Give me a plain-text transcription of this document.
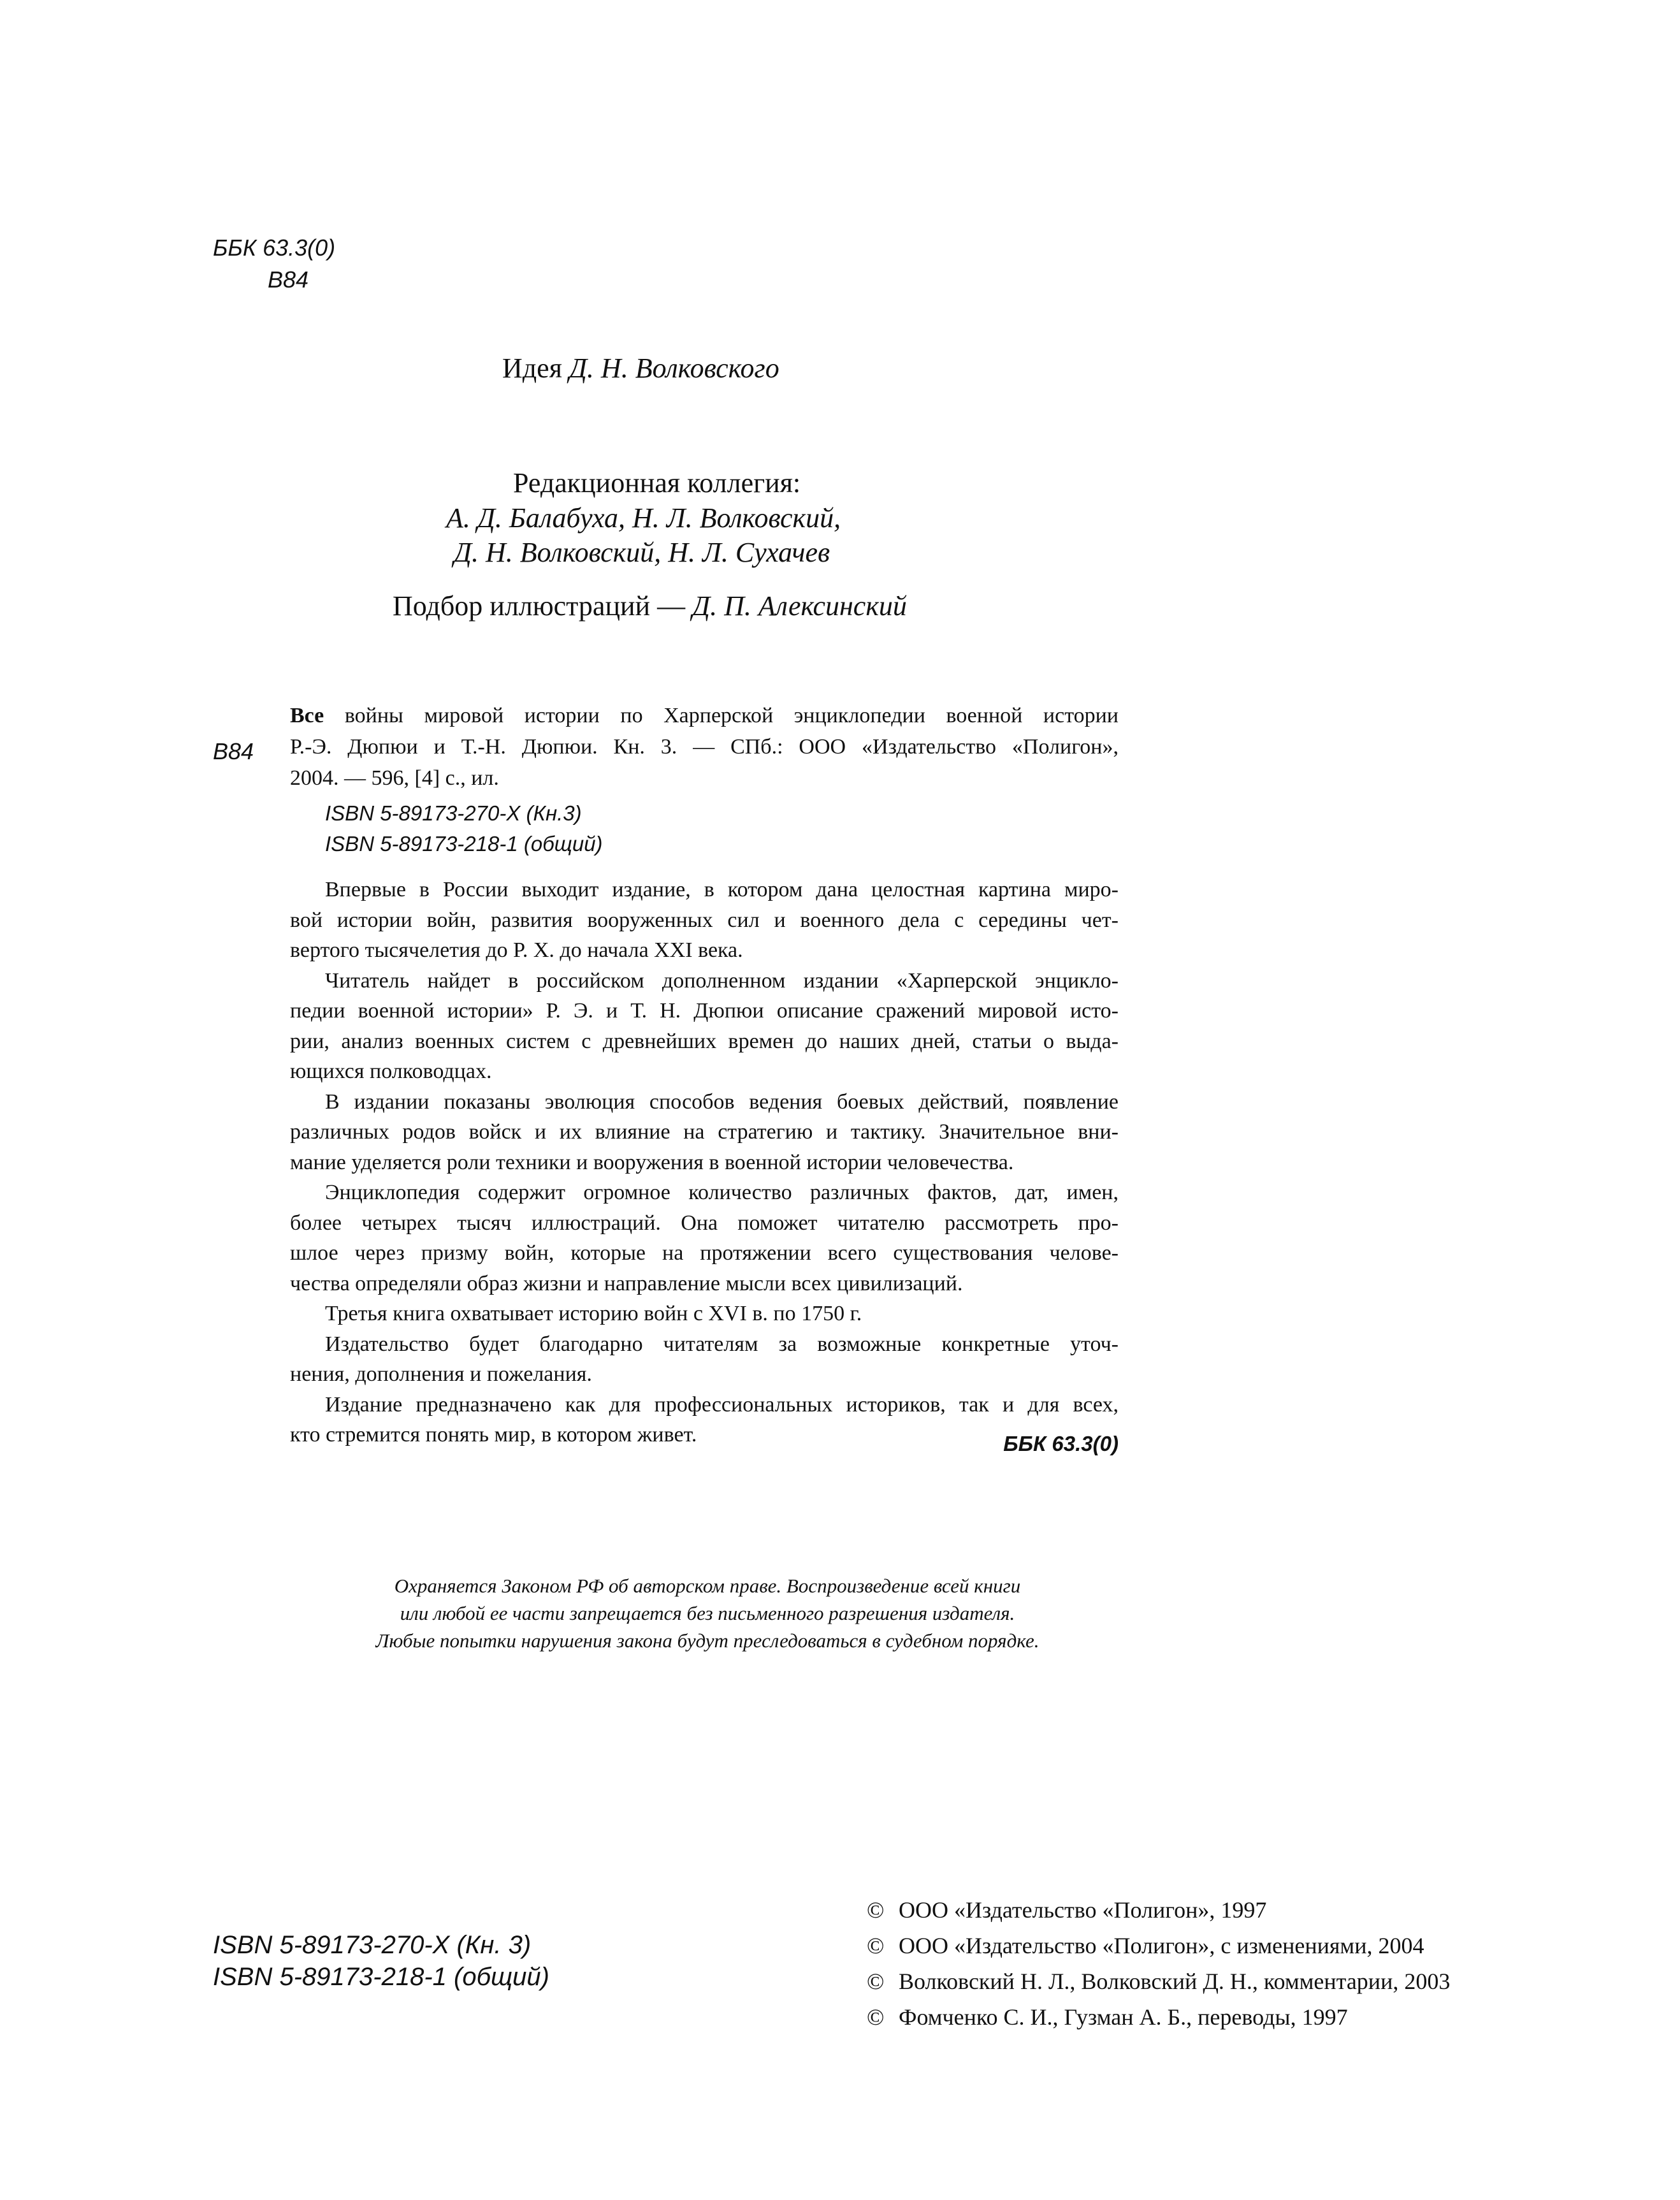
ББК 63.3(0)
В84
Идея Д. Н. Волковского
Редакционная коллегия:
А. Д. Балабуха, Н. Л. Волковский,
Д. Н. Волковский, Н. Л. Сухачев
Подбор иллюстраций — Д. П. Алексинский
В84
Все войны мировой истории по Харперской энциклопедии военной истории
Р.-Э. Дюпюи и Т.-Н. Дюпюи. Кн. 3. — СПб.: ООО «Издательство «Полигон»,
2004. — 596, [4] с., ил.
ISBN 5-89173-270-Х (Кн.3)
ISBN 5-89173-218-1 (общий)
Впервые в России выходит издание, в котором дана целостная картина миро-
вой истории войн, развития вооруженных сил и военного дела с середины чет-
вертого тысячелетия до Р. Х. до начала XXI века.
Читатель найдет в российском дополненном издании «Харперской энцикло-
педии военной истории» Р. Э. и Т. Н. Дюпюи описание сражений мировой исто-
рии, анализ военных систем с древнейших времен до наших дней, статьи о выда-
ющихся полководцах.
В издании показаны эволюция способов ведения боевых действий, появление
различных родов войск и их влияние на стратегию и тактику. Значительное вни-
мание уделяется роли техники и вооружения в военной истории человечества.
Энциклопедия содержит огромное количество различных фактов, дат, имен,
более четырех тысяч иллюстраций. Она поможет читателю рассмотреть про-
шлое через призму войн, которые на протяжении всего существования челове-
чества определяли образ жизни и направление мысли всех цивилизаций.
Третья книга охватывает историю войн с XVI в. по 1750 г.
Издательство будет благодарно читателям за возможные конкретные уточ-
нения, дополнения и пожелания.
Издание предназначено как для профессиональных историков, так и для всех,
кто стремится понять мир, в котором живет.	ББК 63.3(0)
Охраняется Законом РФ об авторском праве. Воспроизведение всей книги
или любой ее части запрещается без письменного разрешения издателя.
Любые попытки нарушения закона будут преследоваться в судебном порядке.
ISBN 5-89173-270-Х (Кн. 3)
ISBN 5-89173-218-1 (общий)
© ООО «Издательство «Полигон», 1997
© ООО «Издательство «Полигон», с изменениями, 2004
© Волковский Н. Л., Волковский Д. Н., комментарии, 2003
© Фомченко С. И., Гузман А. Б., переводы, 1997
